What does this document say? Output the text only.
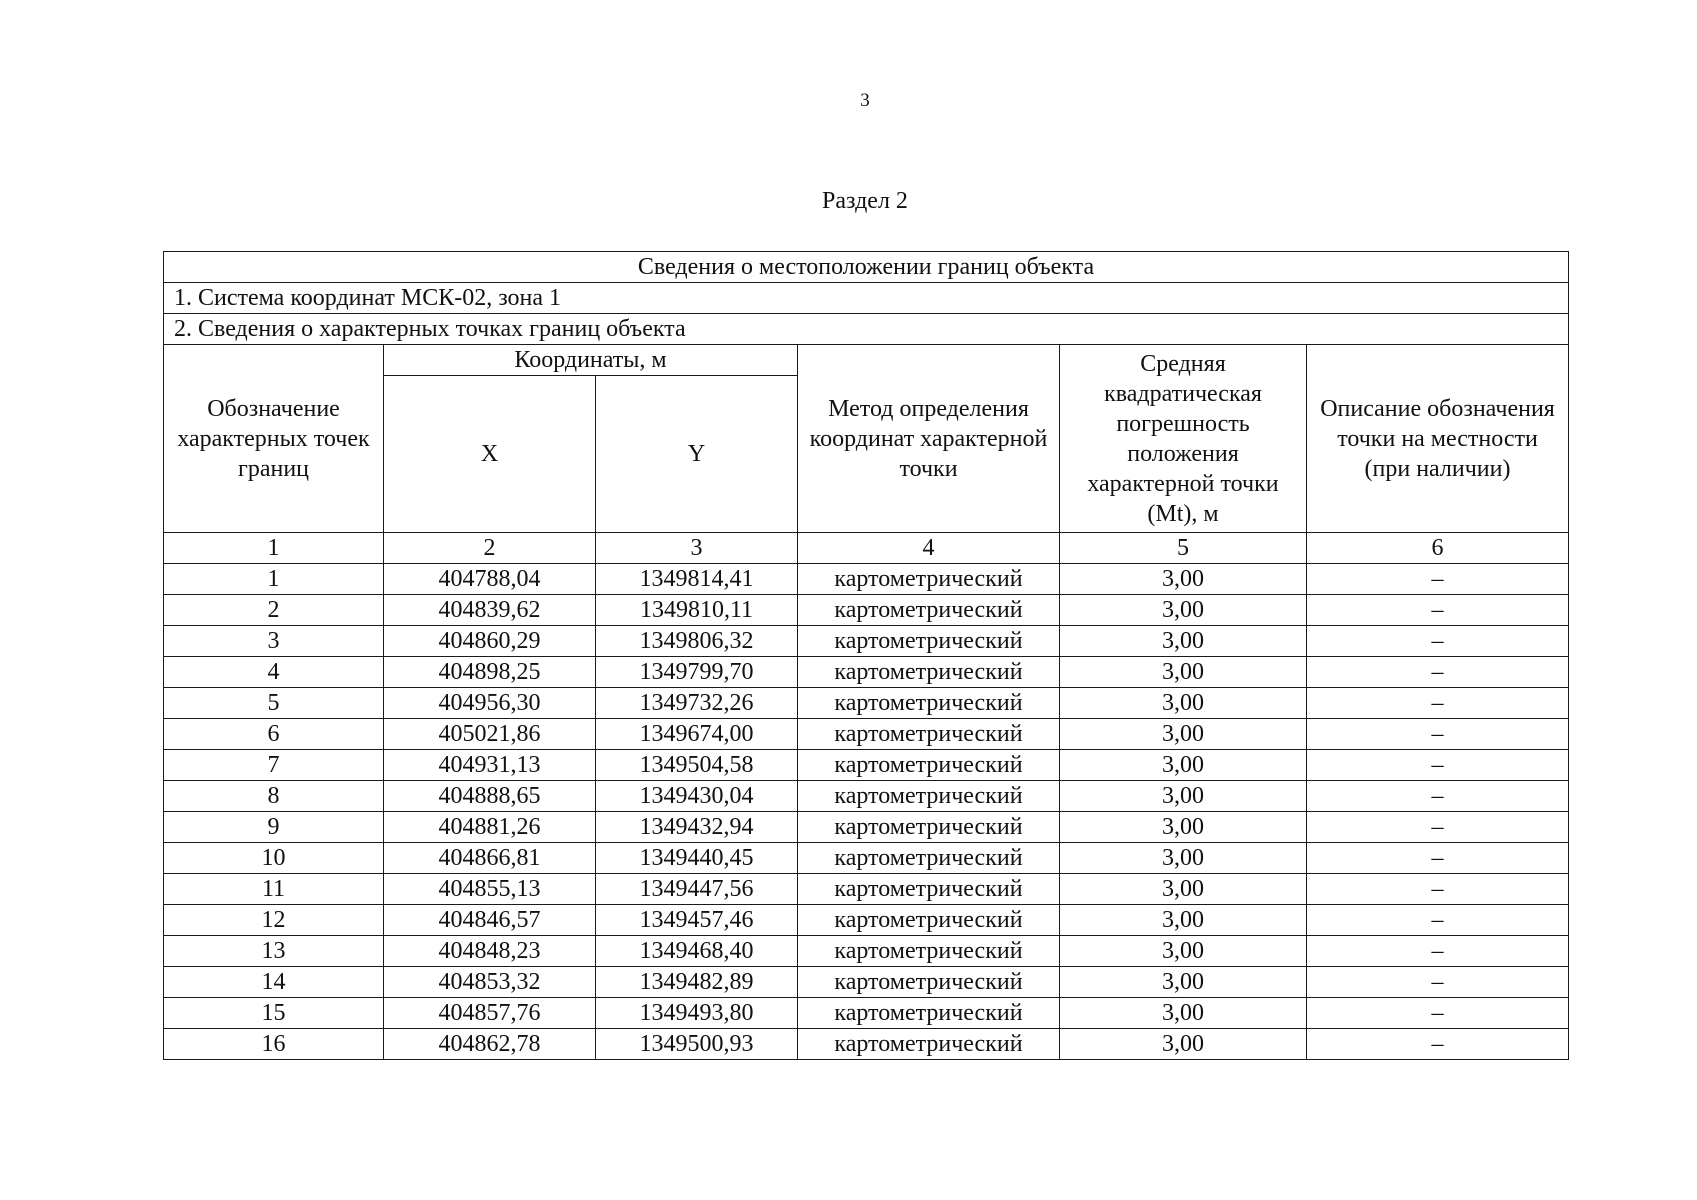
3
Раздел 2
Сведения о местоположении границ объекта					
1. Система координат МСК-02, зона 1					
2. Сведения о характерных точках границ объекта					
Обозначение характерных точек границ	Координаты, м		Метод определения координат характерной точки	Средняя квадратическая погрешность положения характерной точки (Mt), м	Описание обозначения точки на местности (при наличии)
	X	Y			
1	2	3	4	5	6
1	404788,04	1349814,41	картометрический	3,00	–
2	404839,62	1349810,11	картометрический	3,00	–
3	404860,29	1349806,32	картометрический	3,00	–
4	404898,25	1349799,70	картометрический	3,00	–
5	404956,30	1349732,26	картометрический	3,00	–
6	405021,86	1349674,00	картометрический	3,00	–
7	404931,13	1349504,58	картометрический	3,00	–
8	404888,65	1349430,04	картометрический	3,00	–
9	404881,26	1349432,94	картометрический	3,00	–
10	404866,81	1349440,45	картометрический	3,00	–
11	404855,13	1349447,56	картометрический	3,00	–
12	404846,57	1349457,46	картометрический	3,00	–
13	404848,23	1349468,40	картометрический	3,00	–
14	404853,32	1349482,89	картометрический	3,00	–
15	404857,76	1349493,80	картометрический	3,00	–
16	404862,78	1349500,93	картометрический	3,00	–
